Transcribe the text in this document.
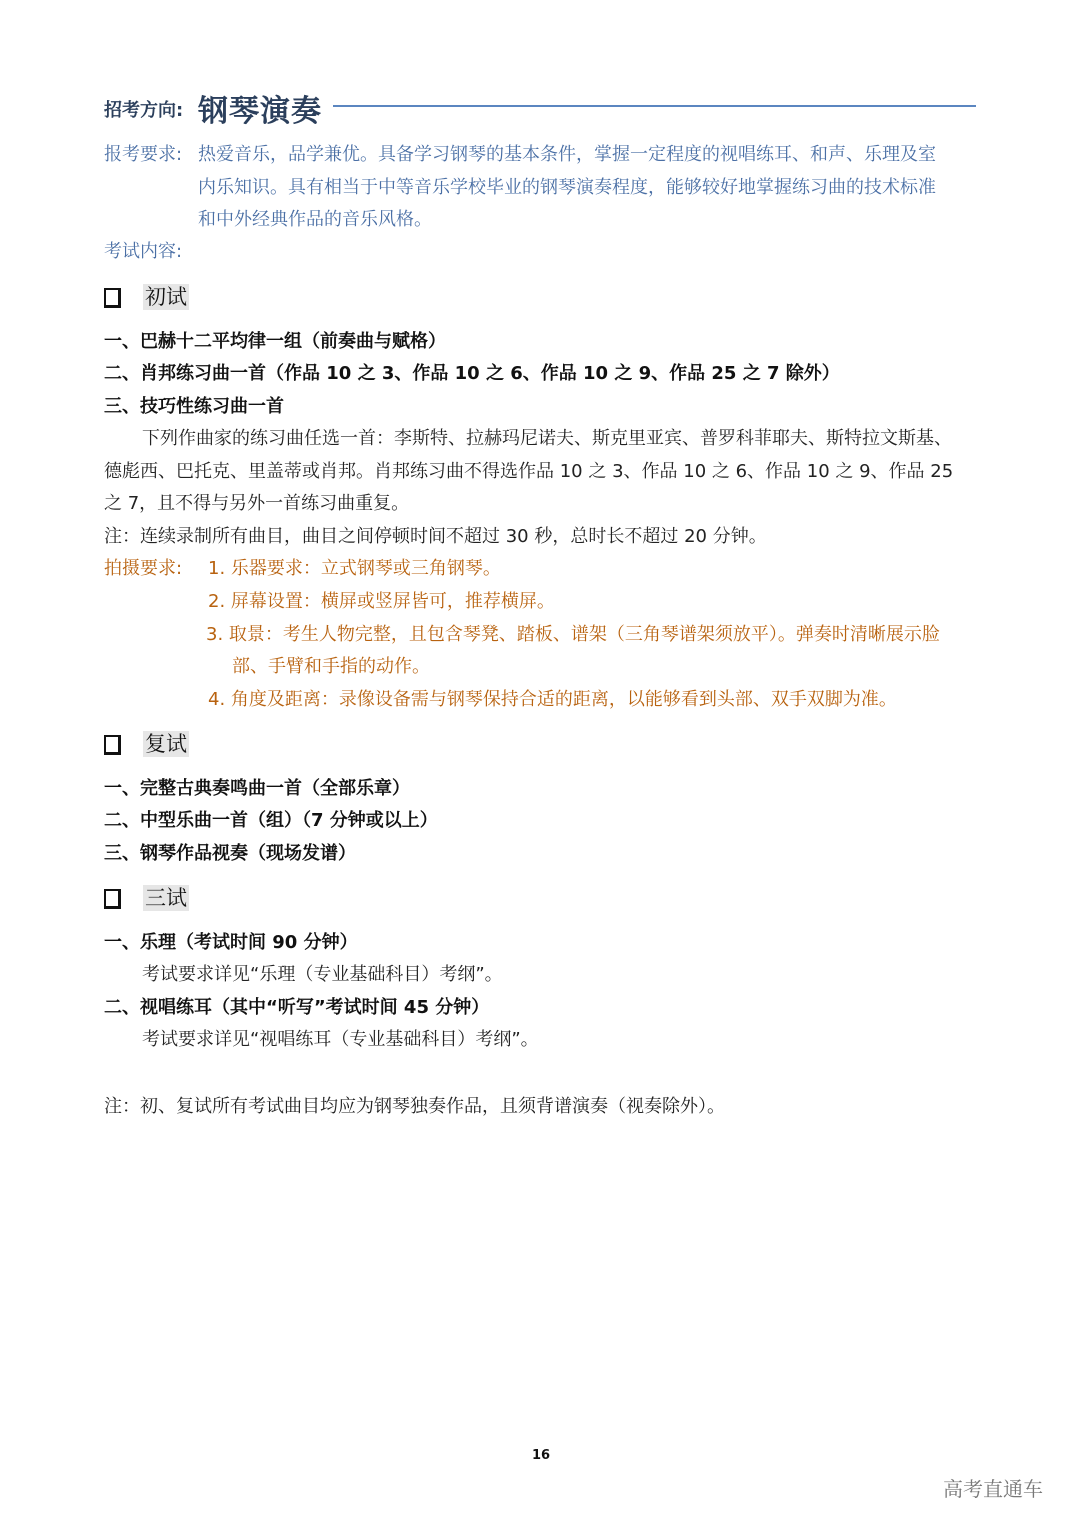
招考方向: 钢琴演奏
报考要求: 热爱音乐，品学兼优。具备学习钢琴的基本条件，掌握一定程度的视唱练耳、和声、乐理及室
内乐知识。具有相当于中等音乐学校毕业的钢琴演奏程度，能够较好地掌握练习曲的技术标准
和中外经典作品的音乐风格。
考试内容:
初试
一、巴赫十二平均律一组（前奏曲与赋格）
二、肖邦练习曲一首（作品 10 之 3、作品 10 之 6、作品 10 之 9、作品 25 之 7 除外）
三、技巧性练习曲一首
下列作曲家的练习曲任选一首：李斯特、拉赫玛尼诺夫、斯克里亚宾、普罗科菲耶夫、斯特拉文斯基、
德彪西、巴托克、里盖蒂或肖邦。肖邦练习曲不得选作品 10 之 3、作品 10 之 6、作品 10 之 9、作品 25
之 7，且不得与另外一首练习曲重复。
注：连续录制所有曲目，曲目之间停顿时间不超过 30 秒，总时长不超过 20 分钟。
拍摄要求: 1. 乐器要求：立式钢琴或三角钢琴。
2. 屏幕设置：横屏或竖屏皆可，推荐横屏。
3. 取景：考生人物完整，且包含琴凳、踏板、谱架（三角琴谱架须放平）。弹奏时清晰展示脸
部、手臂和手指的动作。
4. 角度及距离：录像设备需与钢琴保持合适的距离，以能够看到头部、双手双脚为准。
复试
一、完整古典奏鸣曲一首（全部乐章）
二、中型乐曲一首（组）（7 分钟或以上）
三、钢琴作品视奏（现场发谱）
三试
一、乐理（考试时间 90 分钟）
考试要求详见“乐理（专业基础科目）考纲”。
二、视唱练耳（其中“听写”考试时间 45 分钟）
考试要求详见“视唱练耳（专业基础科目）考纲”。
注：初、复试所有考试曲目均应为钢琴独奏作品，且须背谱演奏（视奏除外）。
16
高考直通车
